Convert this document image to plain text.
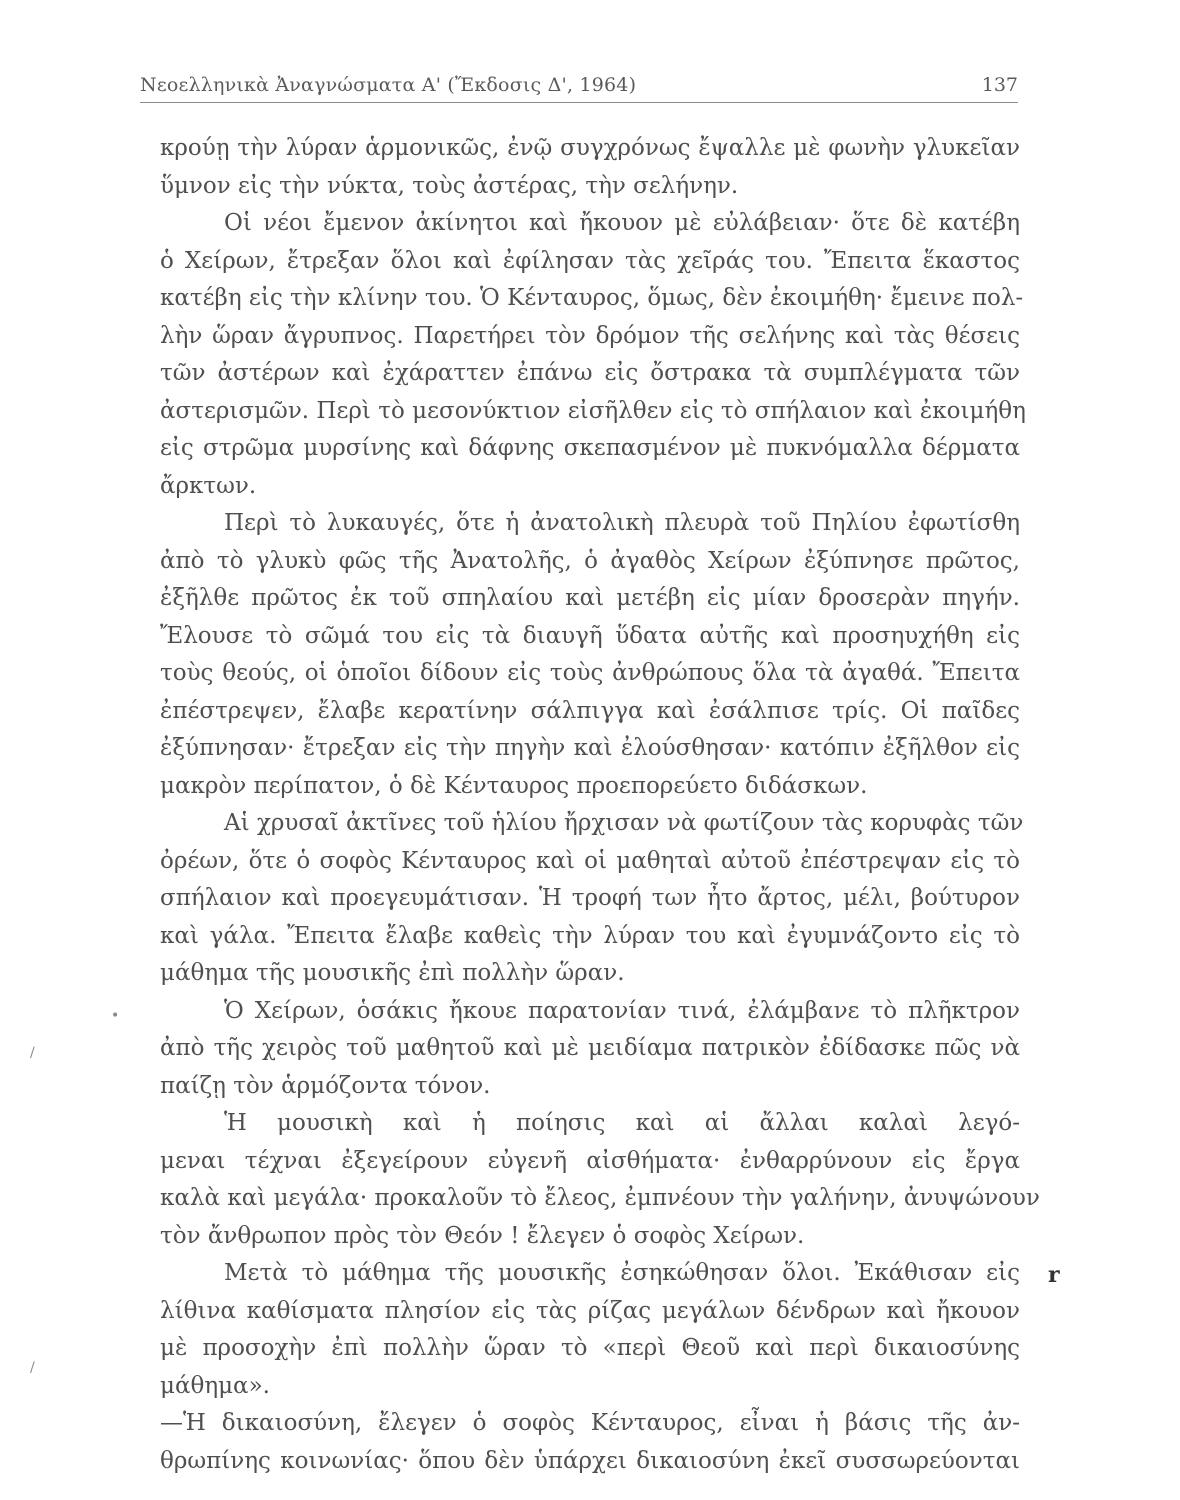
Νεοελληνικὰ Ἀναγνώσματα Α' (Ἔκδοσις Δ', 1964)	137
κρούῃ τὴν λύραν ἁρμονικῶς, ἐνῷ συγχρόνως ἔψαλλε μὲ φωνὴν γλυκεῖαν
ὕμνον εἰς τὴν νύκτα, τοὺς ἀστέρας, τὴν σελήνην.
Οἱ νέοι ἔμενον ἀκίνητοι καὶ ἤκουον μὲ εὐλάβειαν· ὅτε δὲ κατέβη
ὁ Χείρων, ἔτρεξαν ὅλοι καὶ ἐφίλησαν τὰς χεῖράς του. Ἔπειτα ἕκαστος
κατέβη εἰς τὴν κλίνην του. Ὁ Κένταυρος, ὅμως, δὲν ἐκοιμήθη· ἔμεινε πολ-
λὴν ὥραν ἄγρυπνος. Παρετήρει τὸν δρόμον τῆς σελήνης καὶ τὰς θέσεις
τῶν ἀστέρων καὶ ἐχάραττεν ἐπάνω εἰς ὄστρακα τὰ συμπλέγματα τῶν
ἀστερισμῶν. Περὶ τὸ μεσονύκτιον εἰσῆλθεν εἰς τὸ σπήλαιον καὶ ἐκοιμήθη
εἰς στρῶμα μυρσίνης καὶ δάφνης σκεπασμένον μὲ πυκνόμαλλα δέρματα
ἄρκτων.
Περὶ τὸ λυκαυγές, ὅτε ἡ ἀνατολικὴ πλευρὰ τοῦ Πηλίου ἐφωτίσθη
ἀπὸ τὸ γλυκὺ φῶς τῆς Ἀνατολῆς, ὁ ἀγαθὸς Χείρων ἐξύπνησε πρῶτος,
ἐξῆλθε πρῶτος ἐκ τοῦ σπηλαίου καὶ μετέβη εἰς μίαν δροσερὰν πηγήν.
Ἔλουσε τὸ σῶμά του εἰς τὰ διαυγῆ ὕδατα αὐτῆς καὶ προσηυχήθη εἰς
τοὺς θεούς, οἱ ὁποῖοι δίδουν εἰς τοὺς ἀνθρώπους ὅλα τὰ ἀγαθά. Ἔπειτα
ἐπέστρεψεν, ἔλαβε κερατίνην σάλπιγγα καὶ ἐσάλπισε τρίς. Οἱ παῖδες
ἐξύπνησαν· ἔτρεξαν εἰς τὴν πηγὴν καὶ ἐλούσθησαν· κατόπιν ἐξῆλθον εἰς
μακρὸν περίπατον, ὁ δὲ Κένταυρος προεπορεύετο διδάσκων.
Αἱ χρυσαῖ ἀκτῖνες τοῦ ἡλίου ἤρχισαν νὰ φωτίζουν τὰς κορυφὰς τῶν
ὀρέων, ὅτε ὁ σοφὸς Κένταυρος καὶ οἱ μαθηταὶ αὐτοῦ ἐπέστρεψαν εἰς τὸ
σπήλαιον καὶ προεγευμάτισαν. Ἡ τροφή των ἦτο ἄρτος, μέλι, βούτυρον
καὶ γάλα. Ἔπειτα ἔλαβε καθεὶς τὴν λύραν του καὶ ἐγυμνάζοντο εἰς τὸ
μάθημα τῆς μουσικῆς ἐπὶ πολλὴν ὥραν.
Ὁ Χείρων, ὁσάκις ἤκουε παρατονίαν τινά, ἐλάμβανε τὸ πλῆκτρον
ἀπὸ τῆς χειρὸς τοῦ μαθητοῦ καὶ μὲ μειδίαμα πατρικὸν ἐδίδασκε πῶς νὰ
παίζῃ τὸν ἁρμόζοντα τόνον.
Ἡ μουσικὴ καὶ ἡ ποίησις καὶ αἱ ἄλλαι καλαὶ λεγό-
μεναι τέχναι ἐξεγείρουν εὐγενῆ αἰσθήματα· ἐνθαρρύνουν εἰς ἔργα
καλὰ καὶ μεγάλα· προκαλοῦν τὸ ἔλεος, ἐμπνέουν τὴν γαλήνην, ἀνυψώνουν
τὸν ἄνθρωπον πρὸς τὸν Θεόν ! ἔλεγεν ὁ σοφὸς Χείρων.
Μετὰ τὸ μάθημα τῆς μουσικῆς ἐσηκώθησαν ὅλοι. Ἐκάθισαν εἰς
λίθινα καθίσματα πλησίον εἰς τὰς ρίζας μεγάλων δένδρων καὶ ἤκουον
μὲ προσοχὴν ἐπὶ πολλὴν ὥραν τὸ «περὶ Θεοῦ καὶ περὶ δικαιοσύνης
μάθημα».
—Ἡ δικαιοσύνη, ἔλεγεν ὁ σοφὸς Κένταυρος, εἶναι ἡ βάσις τῆς ἀν-
θρωπίνης κοινωνίας· ὅπου δὲν ὑπάρχει δικαιοσύνη ἐκεῖ συσσωρεύονται
r
•
/
/
